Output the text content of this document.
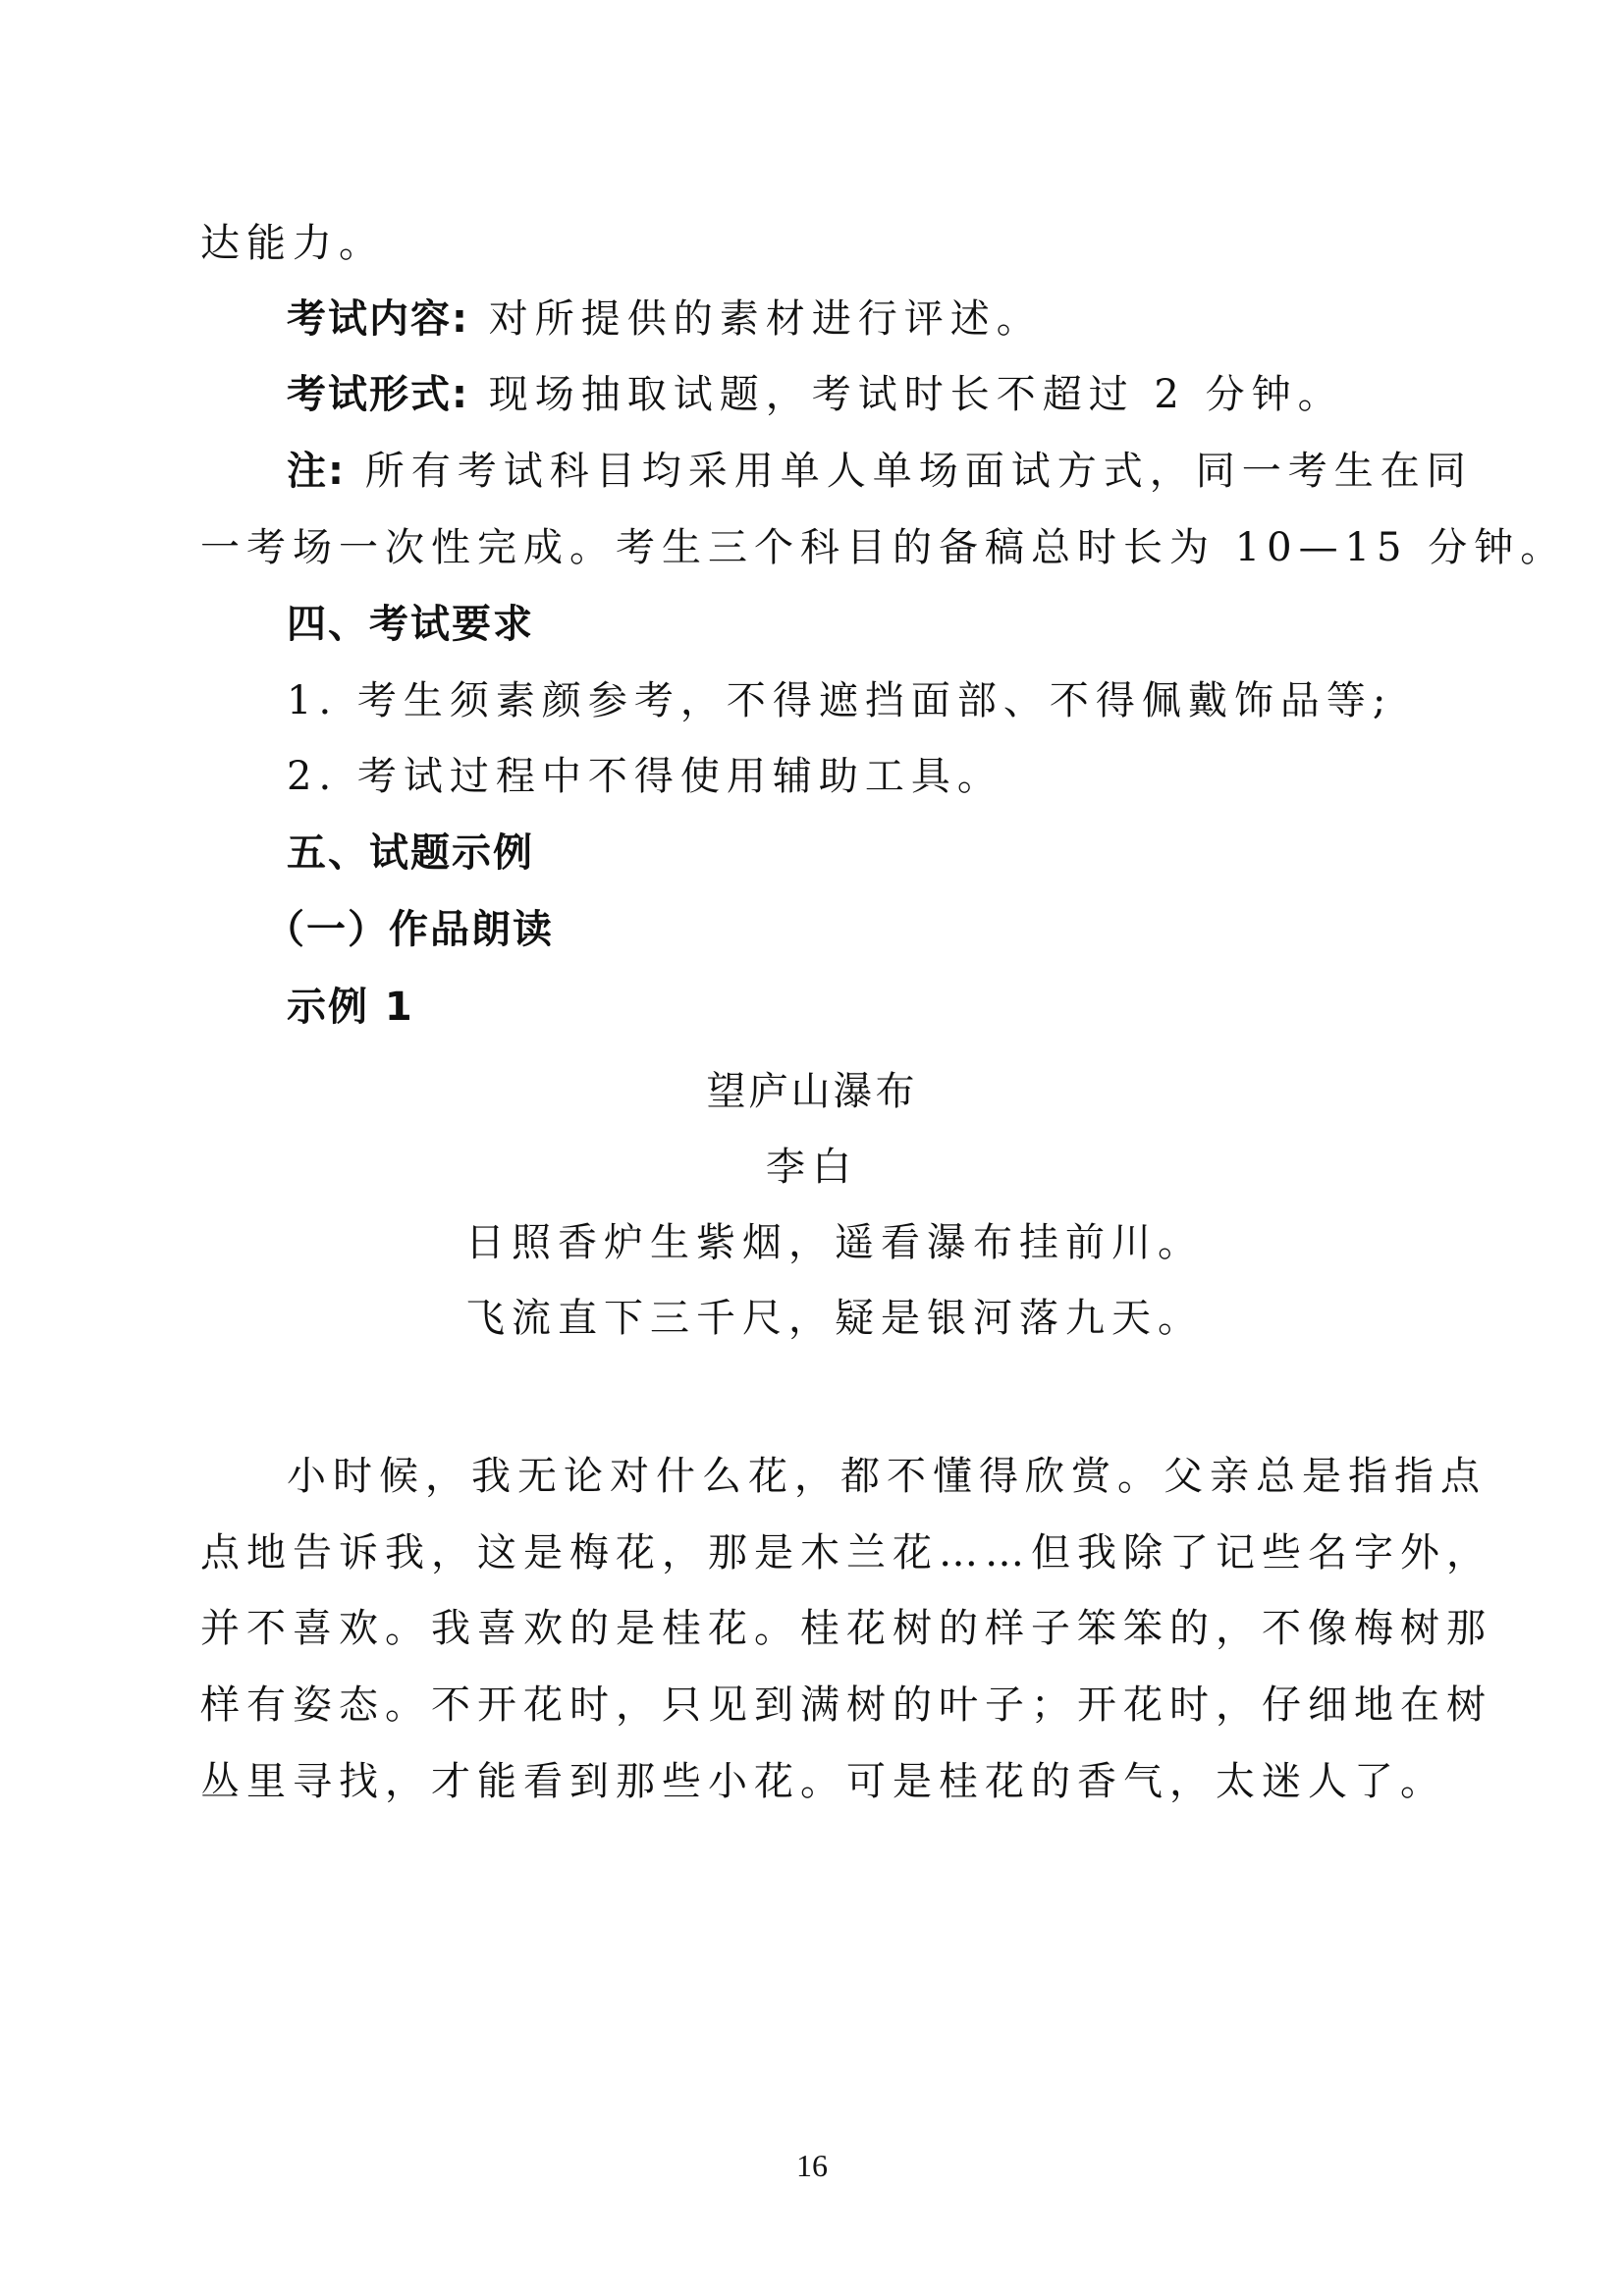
达能力。
考试内容: 对所提供的素材进行评述。
考试形式: 现场抽取试题，考试时长不超过 2 分钟。
注: 所有考试科目均采用单人单场面试方式，同一考生在同
一考场一次性完成。考生三个科目的备稿总时长为 10—15 分钟。
四、考试要求
1. 考生须素颜参考，不得遮挡面部、不得佩戴饰品等;
2. 考试过程中不得使用辅助工具。
五、试题示例
（一）作品朗读
示例 1
望庐山瀑布
李白
日照香炉生紫烟，遥看瀑布挂前川。
飞流直下三千尺，疑是银河落九天。
小时候，我无论对什么花，都不懂得欣赏。父亲总是指指点
点地告诉我，这是梅花，那是木兰花……但我除了记些名字外，
并不喜欢。我喜欢的是桂花。桂花树的样子笨笨的，不像梅树那
样有姿态。不开花时，只见到满树的叶子；开花时，仔细地在树
丛里寻找，才能看到那些小花。可是桂花的香气，太迷人了。
16
